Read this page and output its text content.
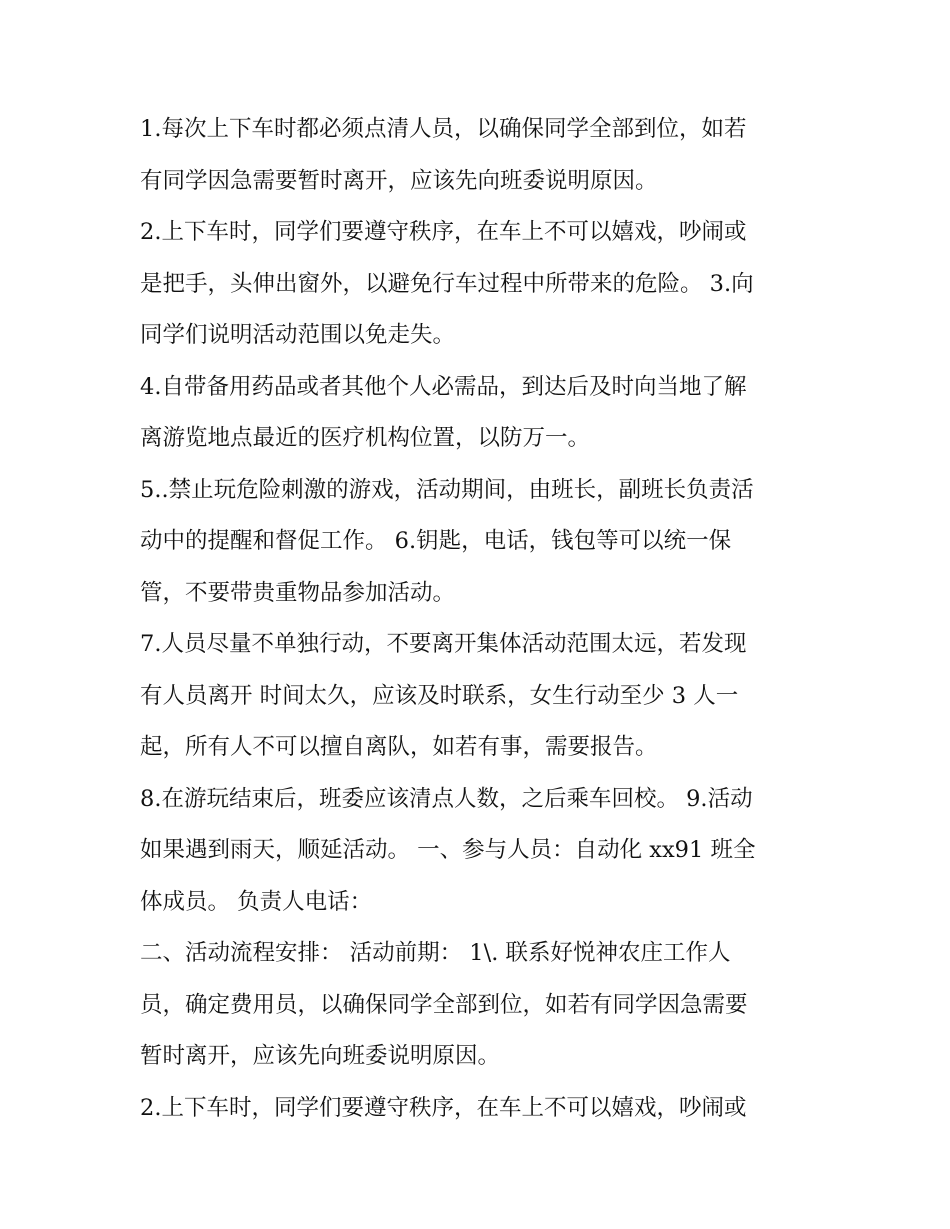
1.每次上下车时都必须点清人员，以确保同学全部到位，如若
有同学因急需要暂时离开，应该先向班委说明原因。
2.上下车时，同学们要遵守秩序，在车上不可以嬉戏，吵闹或
是把手，头伸出窗外，以避免行车过程中所带来的危险。 3.向
同学们说明活动范围以免走失。
4.自带备用药品或者其他个人必需品，到达后及时向当地了解
离游览地点最近的医疗机构位置，以防万一。
5..禁止玩危险刺激的游戏，活动期间，由班长，副班长负责活
动中的提醒和督促工作。 6.钥匙，电话，钱包等可以统一保
管，不要带贵重物品参加活动。
7.人员尽量不单独行动，不要离开集体活动范围太远，若发现
有人员离开 时间太久，应该及时联系，女生行动至少 3 人一
起，所有人不可以擅自离队，如若有事，需要报告。
8.在游玩结束后，班委应该清点人数，之后乘车回校。 9.活动
如果遇到雨天，顺延活动。 一、参与人员：自动化 xx91 班全
体成员。 负责人电话：
二、活动流程安排： 活动前期： 1\. 联系好悦神农庄工作人
员，确定费用员，以确保同学全部到位，如若有同学因急需要
暂时离开，应该先向班委说明原因。
2.上下车时，同学们要遵守秩序，在车上不可以嬉戏，吵闹或
